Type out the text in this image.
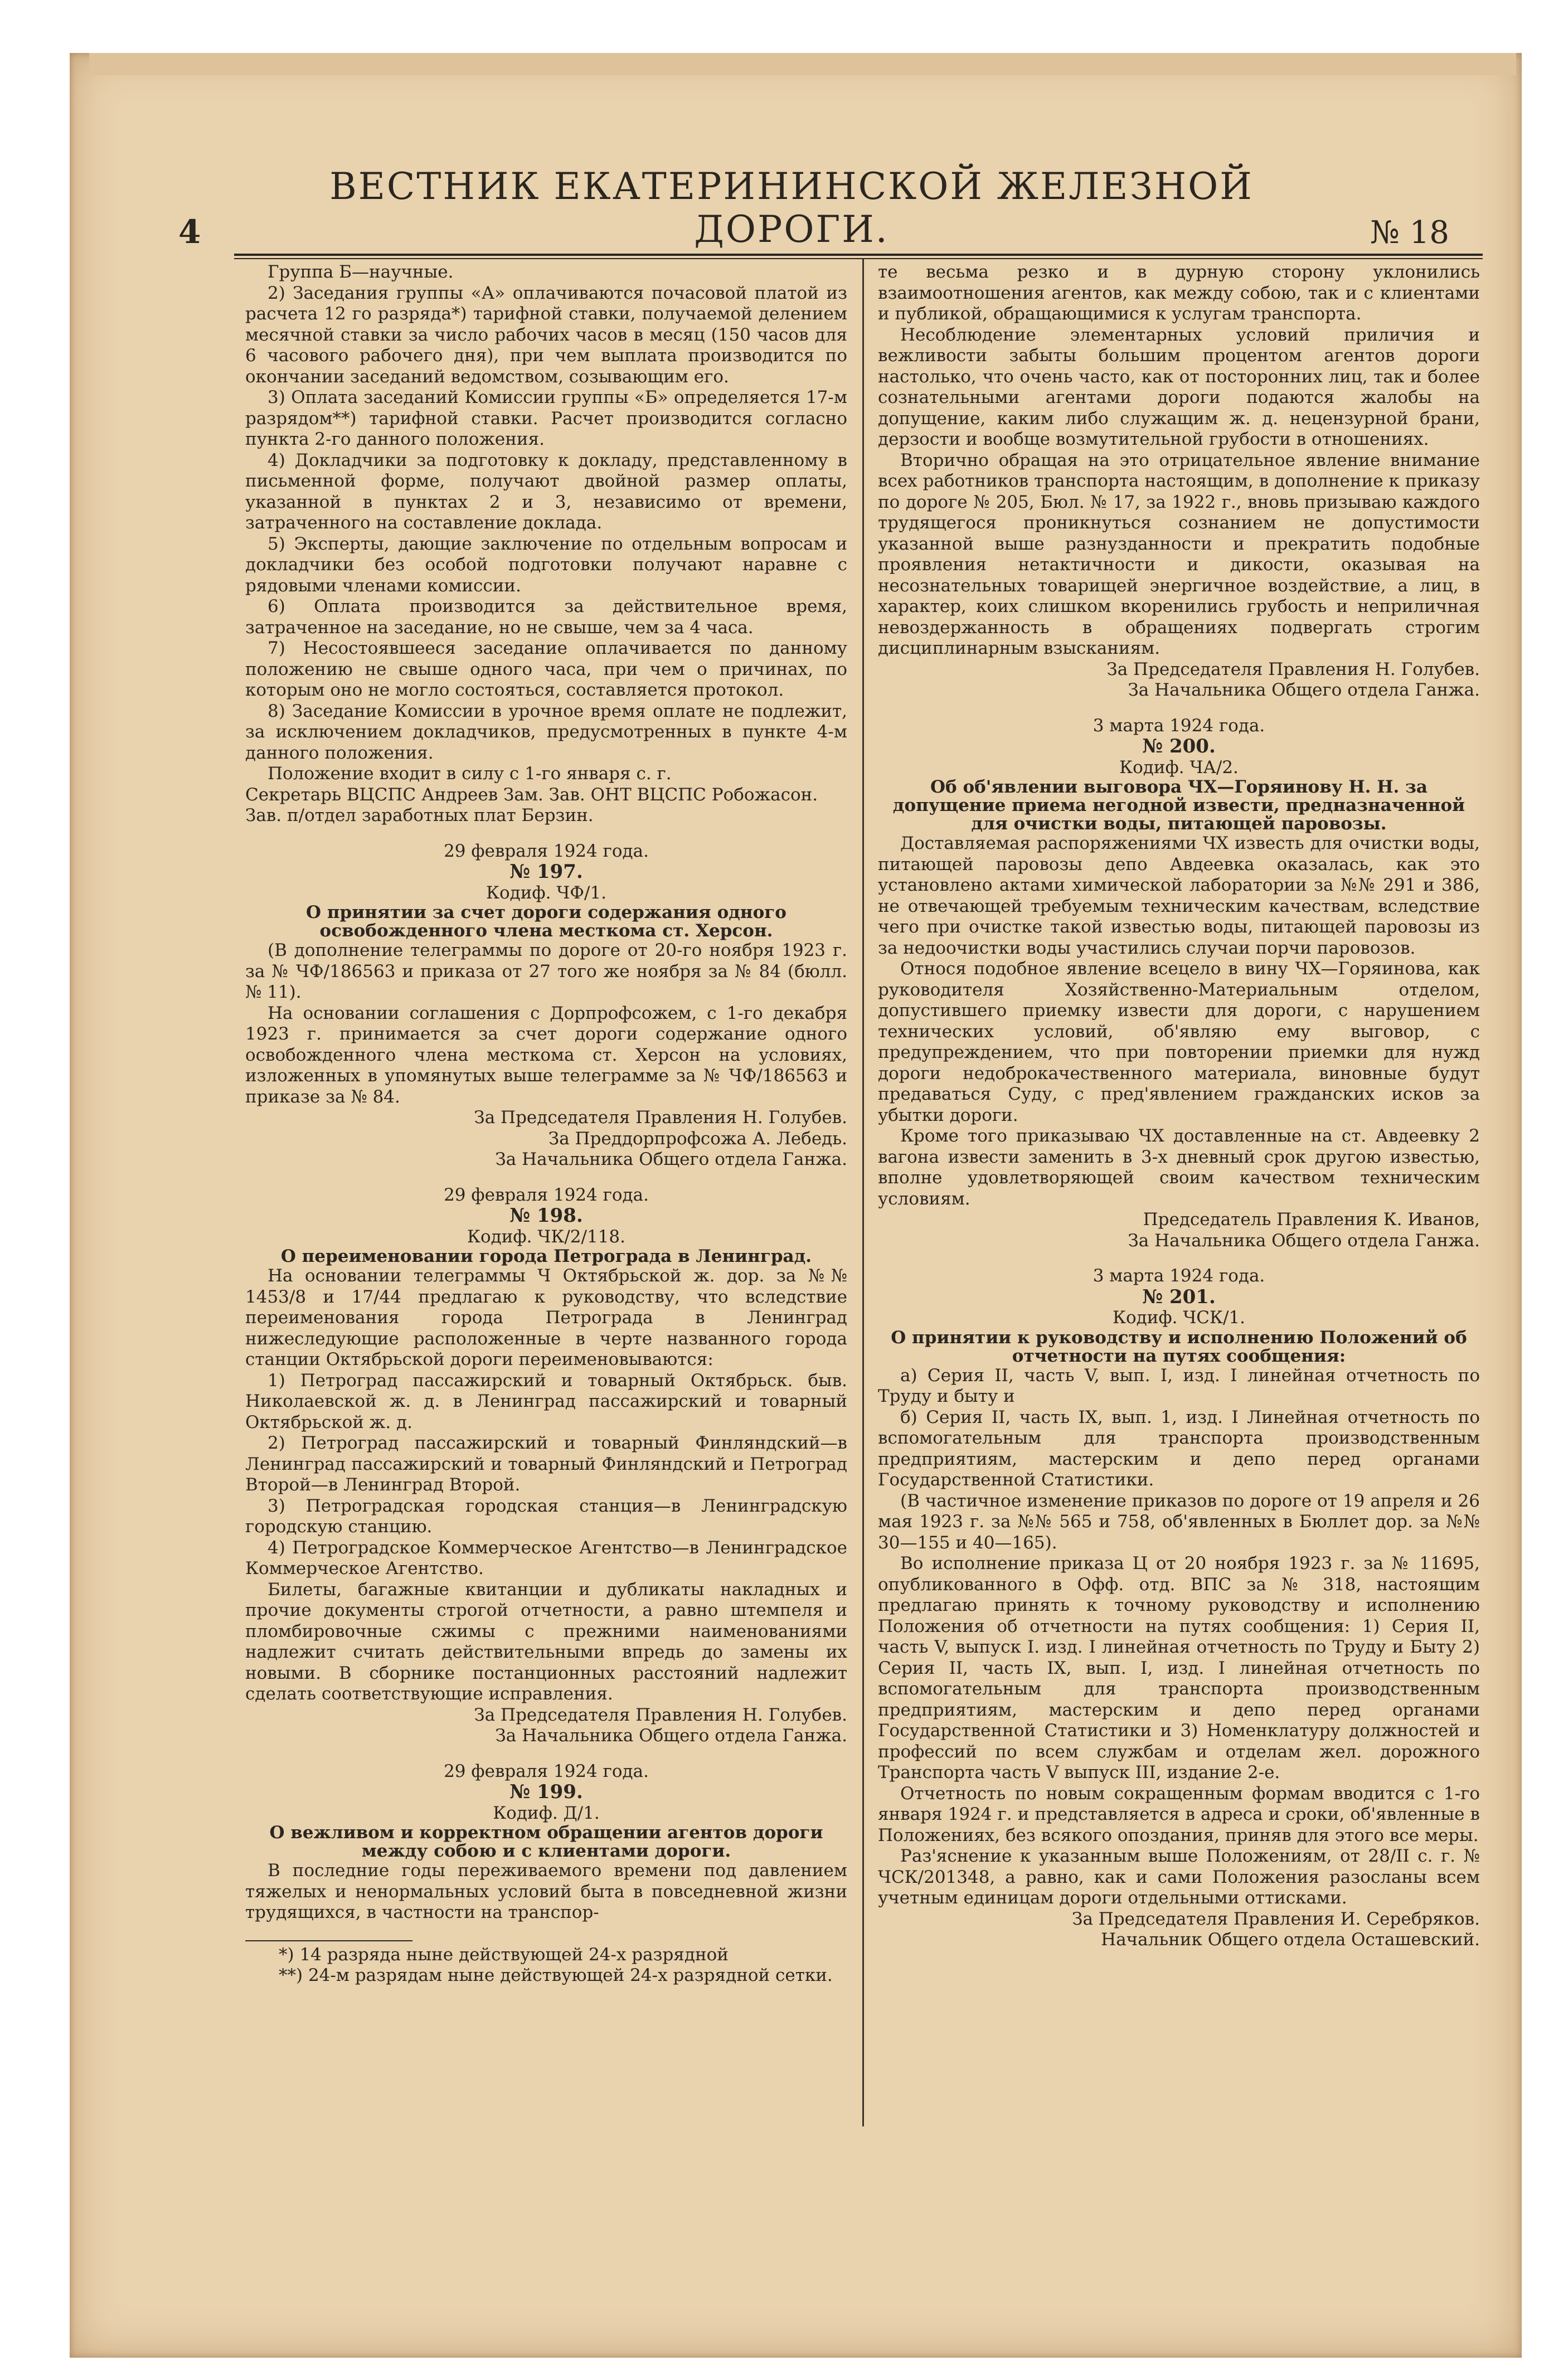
4
ВЕСТНИК ЕКАТЕРИНИНСКОЙ ЖЕЛЕЗНОЙ ДОРОГИ.	№ 18

Группа Б—научные.

2) Заседания группы «А» оплачиваются почасовой платой из расчета 12 го разряда*) тарифной ставки, получаемой делением месячной ставки за число рабочих часов в месяц (150 часов для 6 часового рабочего дня), при чем выплата производится по окончании заседаний ведомством, созывающим его.

3) Оплата заседаний Комиссии группы «Б» определяется 17-м разрядом**) тарифной ставки. Расчет производится согласно пункта 2-го данного положения.

4) Докладчики за подготовку к докладу, представленному в письменной форме, получают двойной размер оплаты, указанной в пунктах 2 и 3, независимо от времени, затраченного на составление доклада.

5) Эксперты, дающие заключение по отдельным вопросам и докладчики без особой подготовки получают наравне с рядовыми членами комиссии.

6) Оплата производится за действительное время, затраченное на заседание, но не свыше, чем за 4 часа.

7) Несостоявшееся заседание оплачивается по данному положению не свыше одного часа, при чем о причинах, по которым оно не могло состояться, составляется протокол.

8) Заседание Комиссии в урочное время оплате не подлежит, за исключением докладчиков, предусмотренных в пункте 4-м данного положения.

Положение входит в силу с 1-го января с. г.

Секретарь ВЦСПС Андреев Зам. Зав. ОНТ ВЦСПС Робожасон. Зав. п/отдел заработных плат Берзин.

29 февраля 1924 года.

№ 197.

Кодиф. ЧФ/1.

О принятии за счет дороги содержания одного освобожденного члена месткома ст. Херсон.

(В дополнение телеграммы по дороге от 20-го ноября 1923 г. за № ЧФ/186563 и приказа от 27 того же ноября за № 84 (бюлл. № 11).

На основании соглашения с Дорпрофсожем, с 1-го декабря 1923 г. принимается за счет дороги содержание одного освобожденного члена месткома ст. Херсон на условиях, изложенных в упомянутых выше телеграмме за № ЧФ/186563 и приказе за № 84.

За Председателя Правления Н. Голубев.

За Преддорпрофсожа А. Лебедь.

За Начальника Общего отдела Ганжа.

29 февраля 1924 года.

№ 198.

Кодиф. ЧК/2/118.

О переименовании города Петрограда в Ленинград.

На основании телеграммы Ч Октябрьской ж. дор. за №№ 1453/8 и 17/44 предлагаю к руководству, что вследствие переименования города Петрограда в Ленинград нижеследующие расположенные в черте названного города станции Октябрьской дороги переименовываются:

1) Петроград пассажирский и товарный Октябрьск. быв. Николаевской ж. д. в Ленинград пассажирский и товарный Октябрьской ж. д.

2) Петроград пассажирский и товарный Финляндский—в Ленинград пассажирский и товарный Финляндский и Петроград Второй—в Ленинград Второй.

3) Петроградская городская станция—в Ленинградскую городскую станцию.

4) Петроградское Коммерческое Агентство—в Ленинградское Коммерческое Агентство.

Билеты, багажные квитанции и дубликаты накладных и прочие документы строгой отчетности, а равно штемпеля и пломбировочные сжимы с прежними наименованиями надлежит считать действительными впредь до замены их новыми. В сборнике постанционных расстояний надлежит сделать соответствующие исправления.

За Председателя Правления Н. Голубев.

За Начальника Общего отдела Ганжа.

29 февраля 1924 года.

№ 199.

Кодиф. Д/1.

О вежливом и корректном обращении агентов дороги между собою и с клиентами дороги.

В последние годы переживаемого времени под давлением тяжелых и ненормальных условий быта в повседневной жизни трудящихся, в частности на транспор-

*) 14 разряда ныне действующей 24-х разрядной

**) 24-м разрядам ныне действующей 24-х разрядной сетки.

те весьма резко и в дурную сторону уклонились взаимоотношения агентов, как между собою, так и с клиентами и публикой, обращающимися к услугам транспорта.

Несоблюдение элементарных условий приличия и вежливости забыты большим процентом агентов дороги настолько, что очень часто, как от посторонних лиц, так и более сознательными агентами дороги подаются жалобы на допущение, каким либо служащим ж. д. нецензурной брани, дерзости и вообще возмутительной грубости в отношениях.

Вторично обращая на это отрицательное явление внимание всех работников транспорта настоящим, в дополнение к приказу по дороге № 205, Бюл. № 17, за 1922 г., вновь призываю каждого трудящегося проникнуться сознанием не допустимости указанной выше разнузданности и прекратить подобные проявления нетактичности и дикости, оказывая на несознательных товарищей энергичное воздействие, а лиц, в характер, коих слишком вкоренились грубость и неприличная невоздержанность в обращениях подвергать строгим дисциплинарным взысканиям.

За Председателя Правления Н. Голубев.

За Начальника Общего отдела Ганжа.

3 марта 1924 года.

№ 200.

Кодиф. ЧА/2.

Об об'явлении выговора ЧХ—Горяинову Н. Н. за допущение приема негодной извести, предназначенной для очистки воды, питающей паровозы.

Доставляемая распоряжениями ЧХ известь для очистки воды, питающей паровозы депо Авдеевка оказалась, как это установлено актами химической лаборатории за №№ 291 и 386, не отвечающей требуемым техническим качествам, вследствие чего при очистке такой известью воды, питающей паровозы из за недоочистки воды участились случаи порчи паровозов.

Относя подобное явление всецело в вину ЧХ—Горяинова, как руководителя Хозяйственно-Материальным отделом, допустившего приемку извести для дороги, с нарушением технических условий, об'являю ему выговор, с предупреждением, что при повторении приемки для нужд дороги недоброкачественного материала, виновные будут предаваться Суду, с пред'явлением гражданских исков за убытки дороги.

Кроме того приказываю ЧХ доставленные на ст. Авдеевку 2 вагона извести заменить в 3-х дневный срок другою известью, вполне удовлетворяющей своим качеством техническим условиям.

Председатель Правления К. Иванов,

За Начальника Общего отдела Ганжа.

3 марта 1924 года.

№ 201.

Кодиф. ЧСК/1.

О принятии к руководству и исполнению Положений об отчетности на путях сообщения:

а) Серия II, часть V, вып. I, изд. I линейная отчетность по Труду и быту и

б) Серия II, часть IX, вып. 1, изд. I Линейная отчетность по вспомогательным для транспорта производственным предприятиям, мастерским и депо перед органами Государственной Статистики.

(В частичное изменение приказов по дороге от 19 апреля и 26 мая 1923 г. за №№ 565 и 758, об'явленных в Бюллет дор. за №№ 30—155 и 40—165).

Во исполнение приказа Ц от 20 ноября 1923 г. за № 11695, опубликованного в Офф. отд. ВПС за № 318, настоящим предлагаю принять к точному руководству и исполнению Положения об отчетности на путях сообщения: 1) Серия II, часть V, выпуск I. изд. I линейная отчетность по Труду и Быту 2) Серия II, часть IX, вып. I, изд. I линейная отчетность по вспомогательным для транспорта производственным предприятиям, мастерским и депо перед органами Государственной Статистики и 3) Номенклатуру должностей и профессий по всем службам и отделам жел. дорожного Транспорта часть V выпуск III, издание 2-е.

Отчетность по новым сокращенным формам вводится с 1-го января 1924 г. и представляется в адреса и сроки, об'явленные в Положениях, без всякого опоздания, приняв для этого все меры.

Раз'яснение к указанным выше Положениям, от 28/II с. г. № ЧСК/201348, а равно, как и сами Положения разосланы всем учетным единицам дороги отдельными оттисками.

За Председателя Правления И. Серебряков.

Начальник Общего отдела Осташевский.
